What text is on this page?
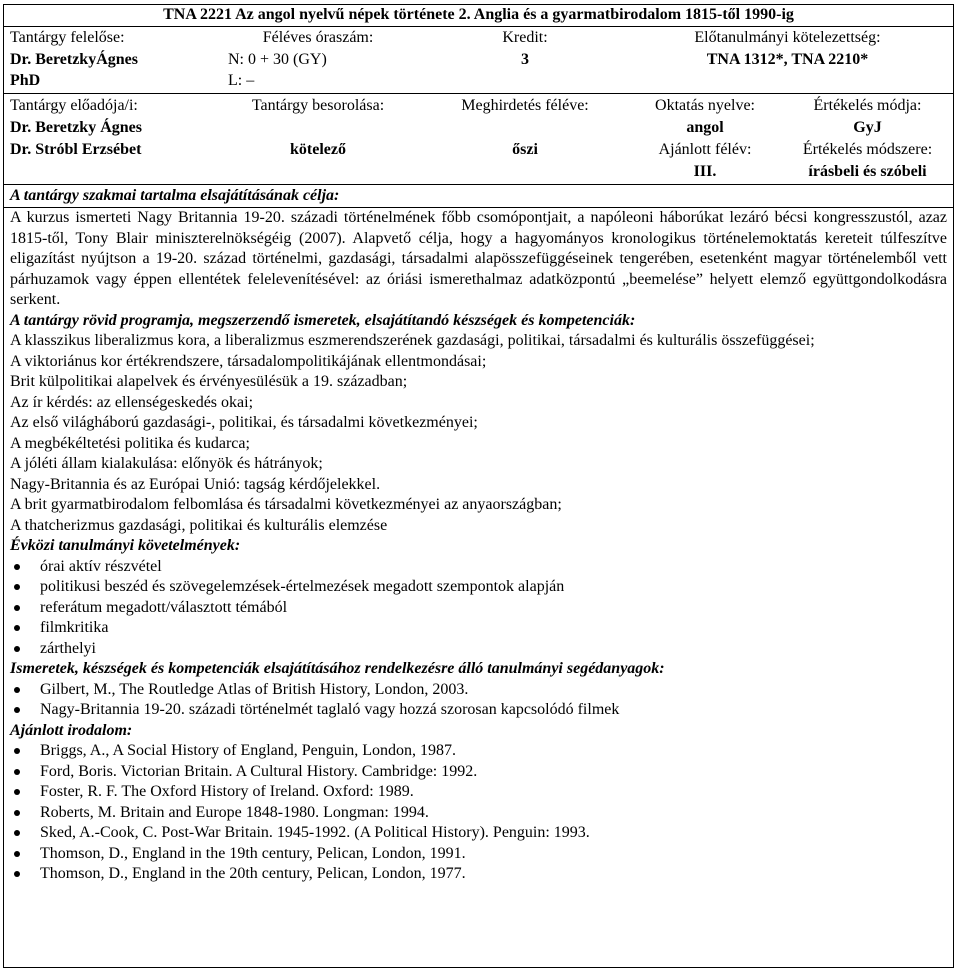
TNA 2221 Az angol nyelvű népek története 2. Anglia és a gyarmatbirodalom 1815-től 1990-ig
Tantárgy felelőse:
Dr. BeretzkyÁgnes
PhD
Féléves óraszám:
N: 0 + 30 (GY)
L: –
Kredit:
3
Előtanulmányi kötelezettség:
TNA 1312*, TNA 2210*
Tantárgy előadója/i:
Dr. Beretzky Ágnes
Dr. Stróbl Erzsébet
Tantárgy besorolása:
kötelező
Meghirdetés féléve:
őszi
Oktatás nyelve:
angol
Ajánlott félév:
III.
Értékelés módja:
GyJ
Értékelés módszere:
írásbeli és szóbeli
A tantárgy szakmai tartalma elsajátításának célja:
A kurzus ismerteti Nagy Britannia 19-20. századi történelmének főbb csomópontjait, a napóleoni háborúkat lezáró bécsi kongresszustól, azaz 1815-től, Tony Blair miniszterelnökségéig (2007). Alapvető célja, hogy a hagyományos kronologikus történelemoktatás kereteit túlfeszítve eligazítást nyújtson a 19-20. század történelmi, gazdasági, társadalmi alapösszefüggéseinek tengerében, esetenként magyar történelemből vett párhuzamok vagy éppen ellentétek felelevenítésével: az óriási ismerethalmaz adatközpontú „beemelése” helyett elemző együttgondolkodásra serkent.
A tantárgy rövid programja, megszerzendő ismeretek, elsajátítandó készségek és kompetenciák:
A klasszikus liberalizmus kora, a liberalizmus eszmerendszerének gazdasági, politikai, társadalmi és kulturális összefüggései;
A viktoriánus kor értékrendszere, társadalompolitikájának ellentmondásai;
Brit külpolitikai alapelvek és érvényesülésük a 19. században;
Az ír kérdés: az ellenségeskedés okai;
Az első világháború gazdasági-, politikai, és társadalmi következményei;
A megbékéltetési politika és kudarca;
A jóléti állam kialakulása: előnyök és hátrányok;
Nagy-Britannia és az Európai Unió: tagság kérdőjelekkel.
A brit gyarmatbirodalom felbomlása és társadalmi következményei az anyaországban;
A thatcherizmus gazdasági, politikai és kulturális elemzése
Évközi tanulmányi követelmények:
órai aktív részvétel
politikusi beszéd és szövegelemzések-értelmezések megadott szempontok alapján
referátum megadott/választott témából
filmkritika
zárthelyi
Ismeretek, készségek és kompetenciák elsajátításához rendelkezésre álló tanulmányi segédanyagok:
Gilbert, M., The Routledge Atlas of British History, London, 2003.
Nagy-Britannia 19-20. századi történelmét taglaló vagy hozzá szorosan kapcsolódó filmek
Ajánlott irodalom:
Briggs, A., A Social History of England, Penguin, London, 1987.
Ford, Boris. Victorian Britain. A Cultural History. Cambridge: 1992.
Foster, R. F. The Oxford History of Ireland. Oxford: 1989.
Roberts, M. Britain and Europe 1848-1980. Longman: 1994.
Sked, A.-Cook, C. Post-War Britain. 1945-1992. (A Political History). Penguin: 1993.
Thomson, D., England in the 19th century, Pelican, London, 1991.
Thomson, D., England in the 20th century, Pelican, London, 1977.
